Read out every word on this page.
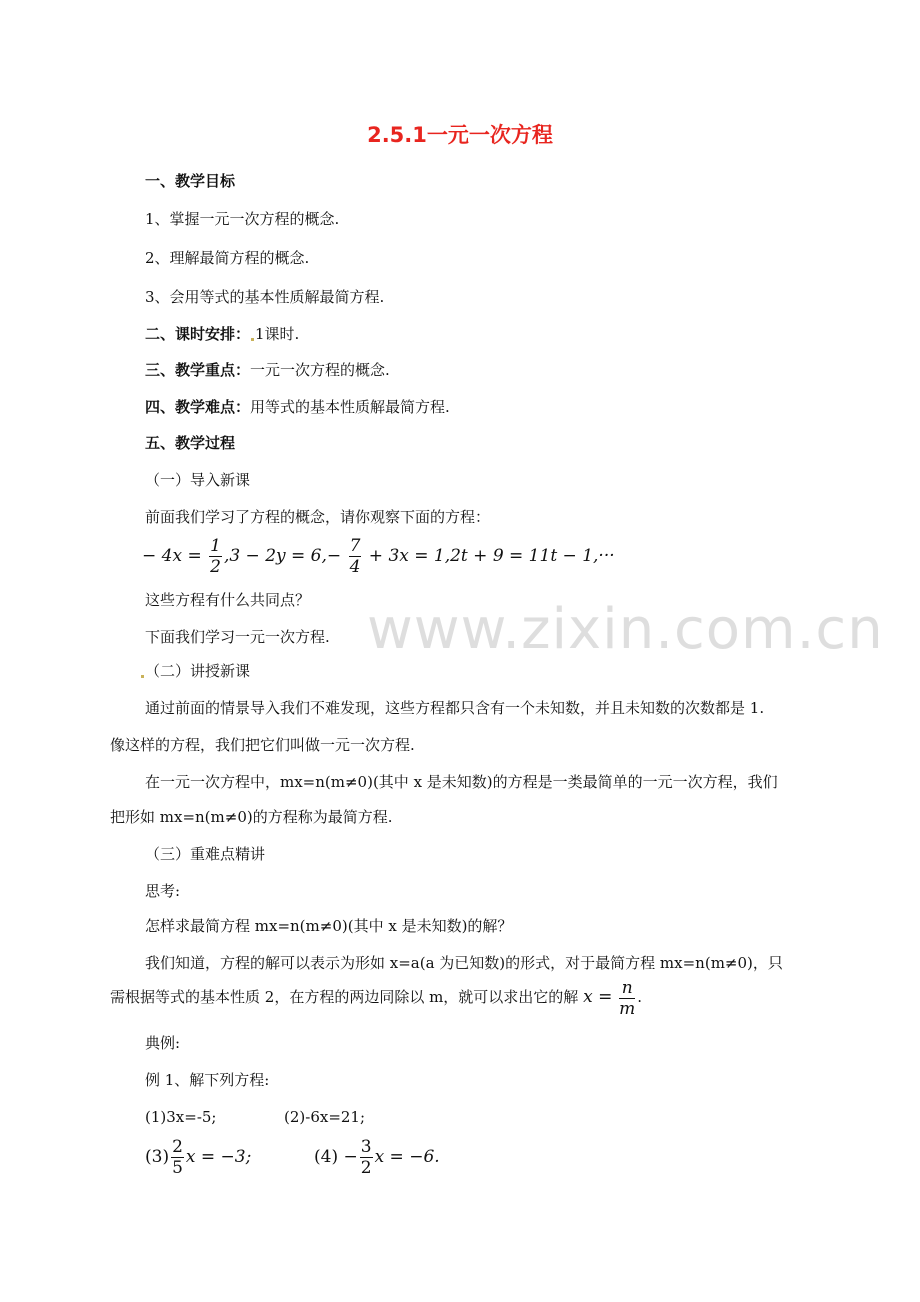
2.5.1一元一次方程
一、教学目标
1、掌握一元一次方程的概念.
2、理解最简方程的概念.
3、会用等式的基本性质解最简方程.
二、课时安排： 1课时.
三、教学重点：一元一次方程的概念.
四、教学难点：用等式的基本性质解最简方程.
五、教学过程
（一）导入新课
前面我们学习了方程的概念，请你观察下面的方程：
− $4x = \frac{1}{2} ,3 - 2y = 6,- \frac{7}{4} + 3x = 1,2t + 9 = 11t - 1,\cdot\cdot\cdot$
这些方程有什么共同点？
下面我们学习一元一次方程.
（二）讲授新课
通过前面的情景导入我们不难发现，这些方程都只含有一个未知数，并且未知数的次数都是 1.
像这样的方程，我们把它们叫做一元一次方程.
在一元一次方程中，mx=n(m≠0)(其中 x 是未知数)的方程是一类最简单的一元一次方程，我们
把形如 mx=n(m≠0)的方程称为最简方程.
（三）重难点精讲
思考:
怎样求最简方程 mx=n(m≠0)(其中 x 是未知数)的解？
我们知道，方程的解可以表示为形如 x=a(a 为已知数)的形式，对于最简方程 mx=n(m≠0)，只
需根据等式的基本性质 2，在方程的两边同除以 m，就可以求出它的解 $x = \frac{n}{m}$ .
典例:
例 1、解下列方程:
(1)3x=-5;	(2)-6x=21;
$(3) \frac{2}{5}$ x = −3;	$(4) - \frac{3}{2}$ x = −6.
www.zixin.com.cn
